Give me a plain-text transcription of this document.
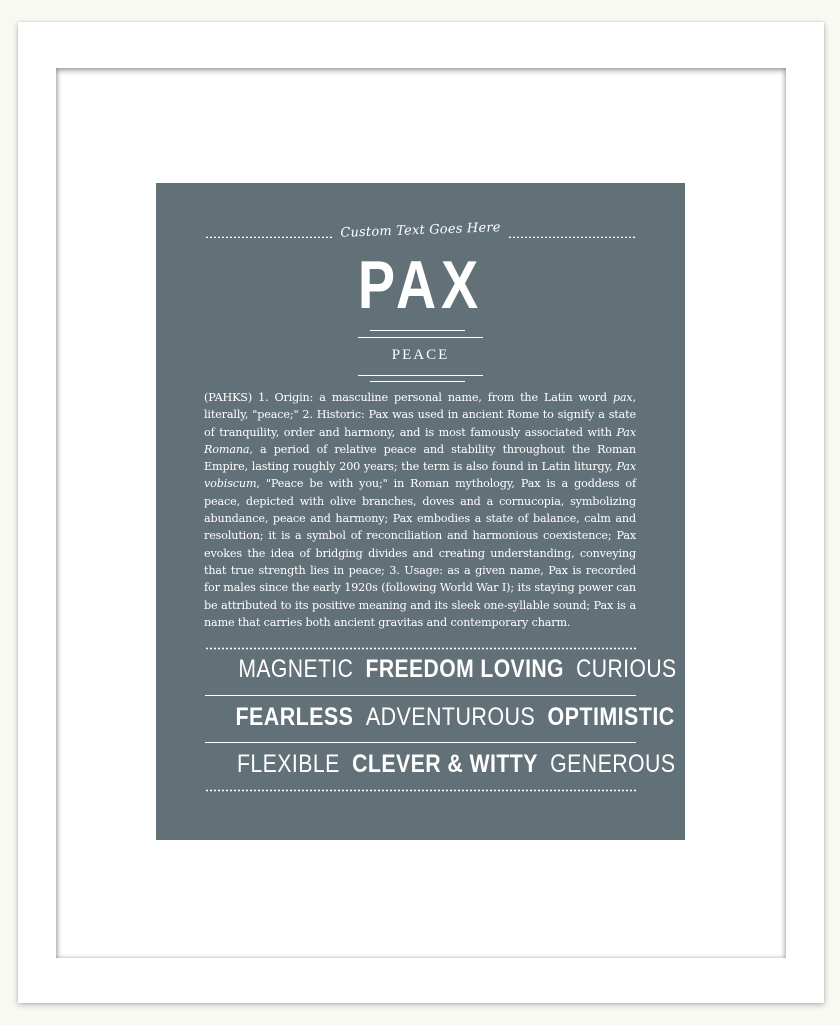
Custom Text Goes Here
PAX
PEACE
(PAHKS) 1. Origin: a masculine personal name, from the Latin word pax, literally, "peace;" 2. Historic: Pax was used in ancient Rome to signify a state of tranquility, order and harmony, and is most famously associated with Pax Romana, a period of relative peace and stability throughout the Roman Empire, lasting roughly 200 years; the term is also found in Latin liturgy, Pax vobiscum, "Peace be with you;" in Roman mythology, Pax is a goddess of peace, depicted with olive branches, doves and a cornucopia, symbolizing abundance, peace and harmony; Pax embodies a state of balance, calm and resolution; it is a symbol of reconciliation and harmonious coexistence; Pax evokes the idea of bridging divides and creating understanding, conveying that true strength lies in peace; 3. Usage: as a given name, Pax is recorded for males since the early 1920s (following World War I); its staying power can be attributed to its positive meaning and its sleek one-syllable sound; Pax is a name that carries both ancient gravitas and contemporary charm.
MAGNETIC FREEDOM LOVING CURIOUS
FEARLESS ADVENTUROUS OPTIMISTIC
FLEXIBLE CLEVER & WITTY GENEROUS
